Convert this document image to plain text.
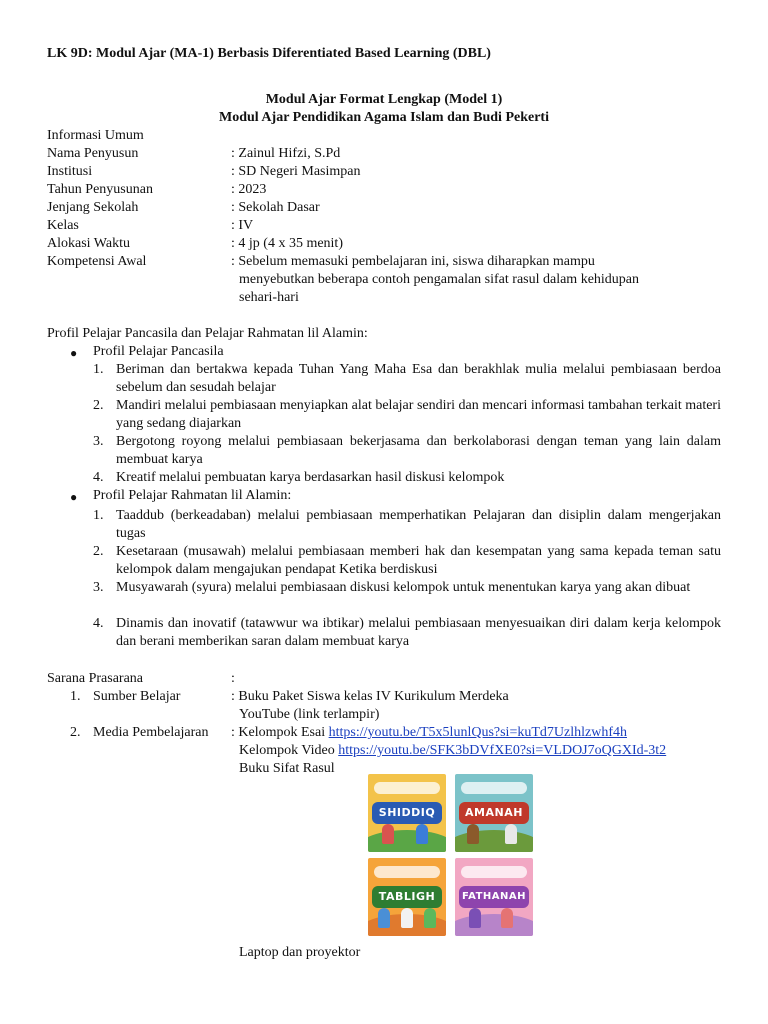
LK 9D: Modul Ajar (MA-1) Berbasis Diferentiated Based Learning (DBL)
Modul Ajar Format Lengkap (Model 1)
Modul Ajar Pendidikan Agama Islam dan Budi Pekerti
Informasi Umum
Nama Penyusun	: Zainul Hifzi, S.Pd
Institusi	: SD Negeri Masimpan
Tahun Penyusunan	: 2023
Jenjang Sekolah	: Sekolah Dasar
Kelas	: IV
Alokasi Waktu	: 4 jp (4 x 35 menit)
Kompetensi Awal	: Sebelum memasuki pembelajaran ini, siswa diharapkan mampu
menyebutkan beberapa contoh pengamalan sifat rasul dalam kehidupan
sehari-hari
Profil Pelajar Pancasila dan Pelajar Rahmatan lil Alamin:
● Profil Pelajar Pancasila
1. Beriman dan bertakwa kepada Tuhan Yang Maha Esa dan berakhlak mulia melalui pembiasaan berdoa sebelum dan sesudah belajar
2. Mandiri melalui pembiasaan menyiapkan alat belajar sendiri dan mencari informasi tambahan terkait materi yang sedang diajarkan
3. Bergotong royong melalui pembiasaan bekerjasama dan berkolaborasi dengan teman yang lain dalam membuat karya
4. Kreatif melalui pembuatan karya berdasarkan hasil diskusi kelompok
● Profil Pelajar Rahmatan lil Alamin:
1. Taaddub (berkeadaban) melalui pembiasaan memperhatikan Pelajaran dan disiplin dalam mengerjakan tugas
2. Kesetaraan (musawah) melalui pembiasaan memberi hak dan kesempatan yang sama kepada teman satu kelompok dalam mengajukan pendapat Ketika berdiskusi
3. Musyawarah (syura) melalui pembiasaan diskusi kelompok untuk menentukan karya yang akan dibuat
4. Dinamis dan inovatif (tatawwur wa ibtikar) melalui pembiasaan menyesuaikan diri dalam kerja kelompok dan berani memberikan saran dalam membuat karya
Sarana Prasarana	:
1. Sumber Belajar	: Buku Paket Siswa kelas IV Kurikulum Merdeka
YouTube (link terlampir)
2. Media Pembelajaran : Kelompok Esai https://youtu.be/T5x5lunlQus?si=kuTd7Uzlhlzwhf4h
Kelompok Video https://youtu.be/SFK3bDVfXE0?si=VLDOJ7oQGXId-3t2
Buku Sifat Rasul
SHIDDIQ	AMANAH
TABLIGH	FATHANAH
Laptop dan proyektor
